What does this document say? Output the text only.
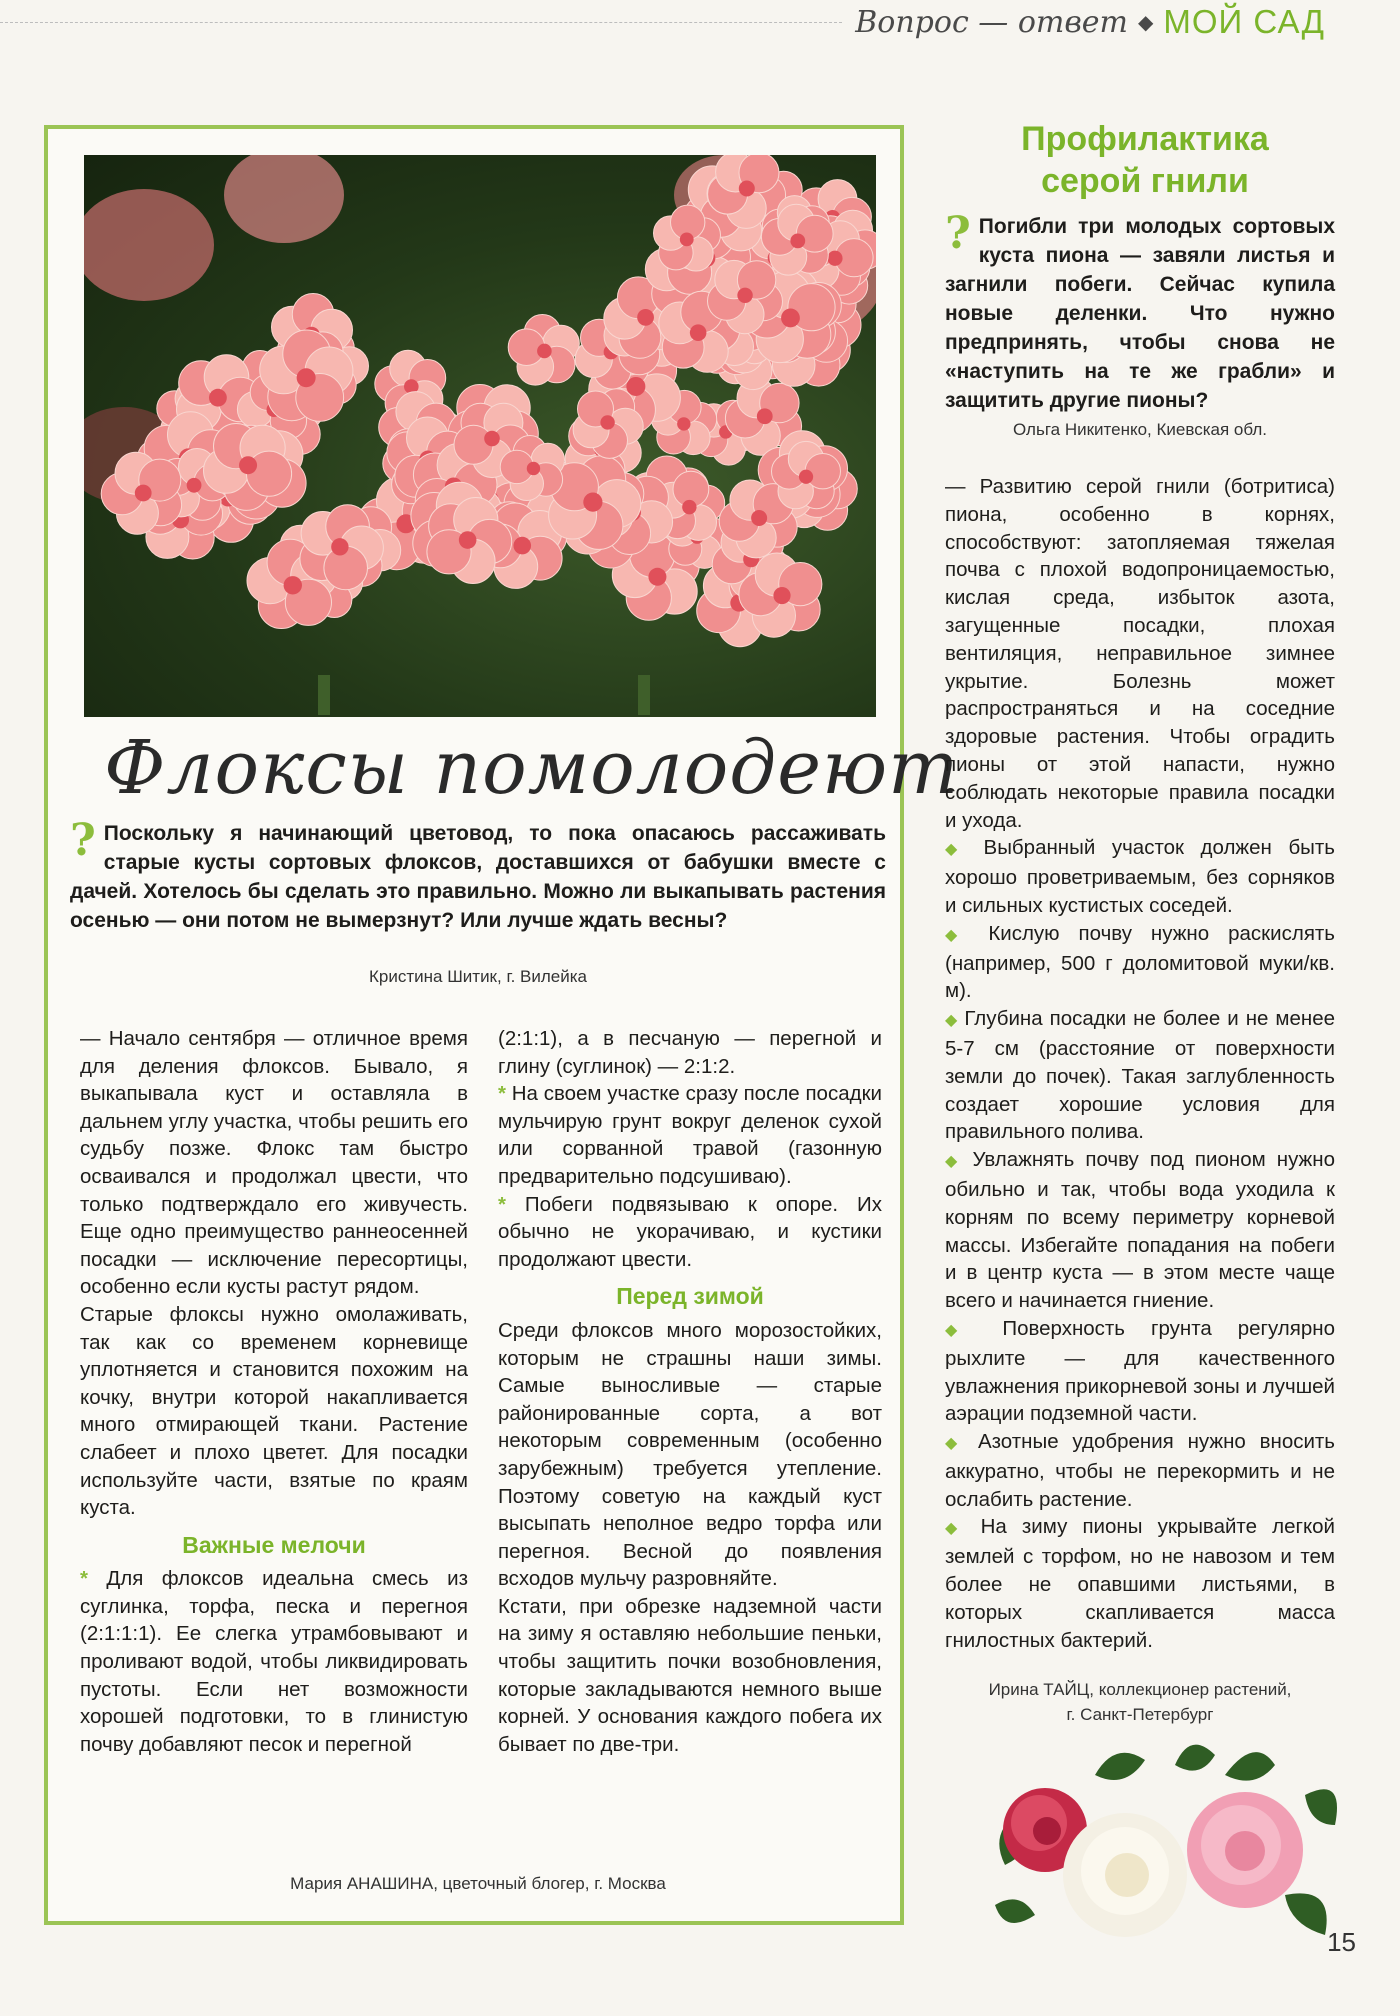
Вопрос — ответ ◆ МОЙ САД
Флоксы помолодеют
? Поскольку я начинающий цветовод, то пока опасаюсь рассаживать старые кусты сортовых флоксов, доставшихся от бабушки вместе с дачей. Хотелось бы сделать это правильно. Можно ли выкапывать растения осенью — они потом не вымерзнут? Или лучше ждать весны?
Кристина Шитик, г. Вилейка

— Начало сентября — отличное время для деления флоксов. Бывало, я выкапывала куст и оставляла в дальнем углу участка, чтобы решить его судьбу позже. Флокс там быстро осваивался и продолжал цвести, что только подтверждало его живучесть. Еще одно преимущество раннеосенней посадки — исключение пересортицы, особенно если кусты растут рядом.

Старые флоксы нужно омолаживать, так как со временем корневище уплотняется и становится похожим на кочку, внутри которой накапливается много отмирающей ткани. Растение слабеет и плохо цветет. Для посадки используйте части, взятые по краям куста.

Важные мелочи

* Для флоксов идеальна смесь из суглинка, торфа, песка и перегноя (2:1:1:1). Ее слегка утрамбовывают и проливают водой, чтобы ликвидировать пустоты. Если нет возможности хорошей подготовки, то в глинистую почву добавляют песок и перегной

(2:1:1), а в песчаную — перегной и глину (суглинок) — 2:1:2.

* На своем участке сразу после посадки мульчирую грунт вокруг деленок сухой или сорванной травой (газонную предварительно подсушиваю).

* Побеги подвязываю к опоре. Их обычно не укорачиваю, и кустики продолжают цвести.

Перед зимой

Среди флоксов много морозостойких, которым не страшны наши зимы. Самые выносливые — старые районированные сорта, а вот некоторым современным (особенно зарубежным) требуется утепление. Поэтому советую на каждый куст высыпать неполное ведро торфа или перегноя. Весной до появления всходов мульчу разровняйте.

Кстати, при обрезке надземной части на зиму я оставляю небольшие пеньки, чтобы защитить почки возобновления, которые закладываются немного выше корней. У основания каждого побега их бывает по две-три.

Мария АНАШИНА, цветочный блогер, г. Москва
Профилактика
серой гнили
? Погибли три молодых сортовых куста пиона — завяли листья и загнили побеги. Сейчас купила новые деленки. Что нужно предпринять, чтобы снова не «наступить на те же грабли» и защитить другие пионы?
Ольга Никитенко, Киевская обл.

— Развитию серой гнили (ботритиса) пиона, особенно в корнях, способствуют: затопляемая тяжелая почва с плохой водопроницаемостью, кислая среда, избыток азота, загущенные посадки, плохая вентиляция, неправильное зимнее укрытие. Болезнь может распространяться и на соседние здоровые растения. Чтобы оградить пионы от этой напасти, нужно соблюдать некоторые правила посадки и ухода.

◆ Выбранный участок должен быть хорошо проветриваемым, без сорняков и сильных кустистых соседей.

◆ Кислую почву нужно раскислять (например, 500 г доломитовой муки/кв. м).

◆ Глубина посадки не более и не менее 5-7 см (расстояние от поверхности земли до почек). Такая заглубленность создает хорошие условия для правильного полива.

◆ Увлажнять почву под пионом нужно обильно и так, чтобы вода уходила к корням по всему периметру корневой массы. Избегайте попадания на побеги и в центр куста — в этом месте чаще всего и начинается гниение.

◆ Поверхность грунта регулярно рыхлите — для качественного увлажнения прикорневой зоны и лучшей аэрации подземной части.

◆ Азотные удобрения нужно вносить аккуратно, чтобы не перекормить и не ослабить растение.

◆ На зиму пионы укрывайте легкой землей с торфом, но не навозом и тем более не опавшими листьями, в которых скапливается масса гнилостных бактерий.

Ирина ТАЙЦ, коллекционер растений,
г. Санкт-Петербург
15
